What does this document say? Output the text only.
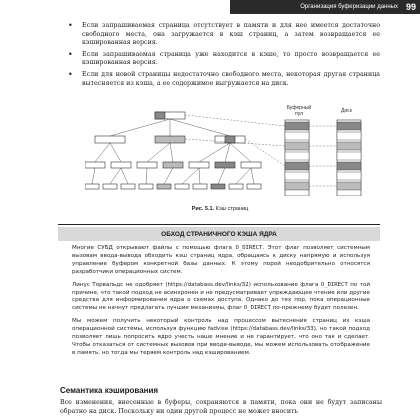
Организация буферизации данных 99
• Если запрашиваемая страница отсутствует в памяти и для нее имеется достаточно свободного места, она загружается в кэш страниц, а затем возвращается ее кэшированная версия.
• Если запрашиваемая страница уже находится в кэше, то просто возвращается ее кэшированная версия.
• Если для новой страницы недостаточно свободного места, некоторая другая страница вытесняется из кэша, а ее содержимое выгружается на диск.
Буферный пул	Диск
Рис. 5.1. Кэш страниц
ОБХОД СТРАНИЧНОГО КЭША ЯДРА

Многие СУБД открывают файлы с помощью флага O_DIRECT. Этот флаг позволяет системным вызовам ввода-вывода обходить кэш страниц ядра, обращаясь к диску напрямую и используя управление буфером конкретной базы данных. К этому порой неодобрительно относятся разработчики операционных систем.

Линус Торвальдс не одобряет (https://databass.dev/links/32) использование флага O_DIRECT по той причине, что такой подход не асинхронен и не предусматривает упреждающее чтение или другие средства для информирования ядра о схемах доступа. Однако до тех пор, пока операционные системы не начнут предлагать лучшие механизмы, флаг O_DIRECT по-прежнему будет полезен.

Мы можем получить некоторый контроль над процессом вытеснения страниц из кэша операционной системы, используя функцию fadvise (https://databass.dev/links/33), но такой подход позволяет лишь попросить ядро учесть наше мнение и не гарантирует, что оно так и сделает. Чтобы отказаться от системных вызовов при вводе-выводе, мы можем использовать отображение в память, но тогда мы теряем контроль над кэшированием.

Семантика кэширования
Все изменения, внесенные в буферы, сохраняются в памяти, пока они не будут записаны обратно на диск. Поскольку ни один другой процесс не может вносить
